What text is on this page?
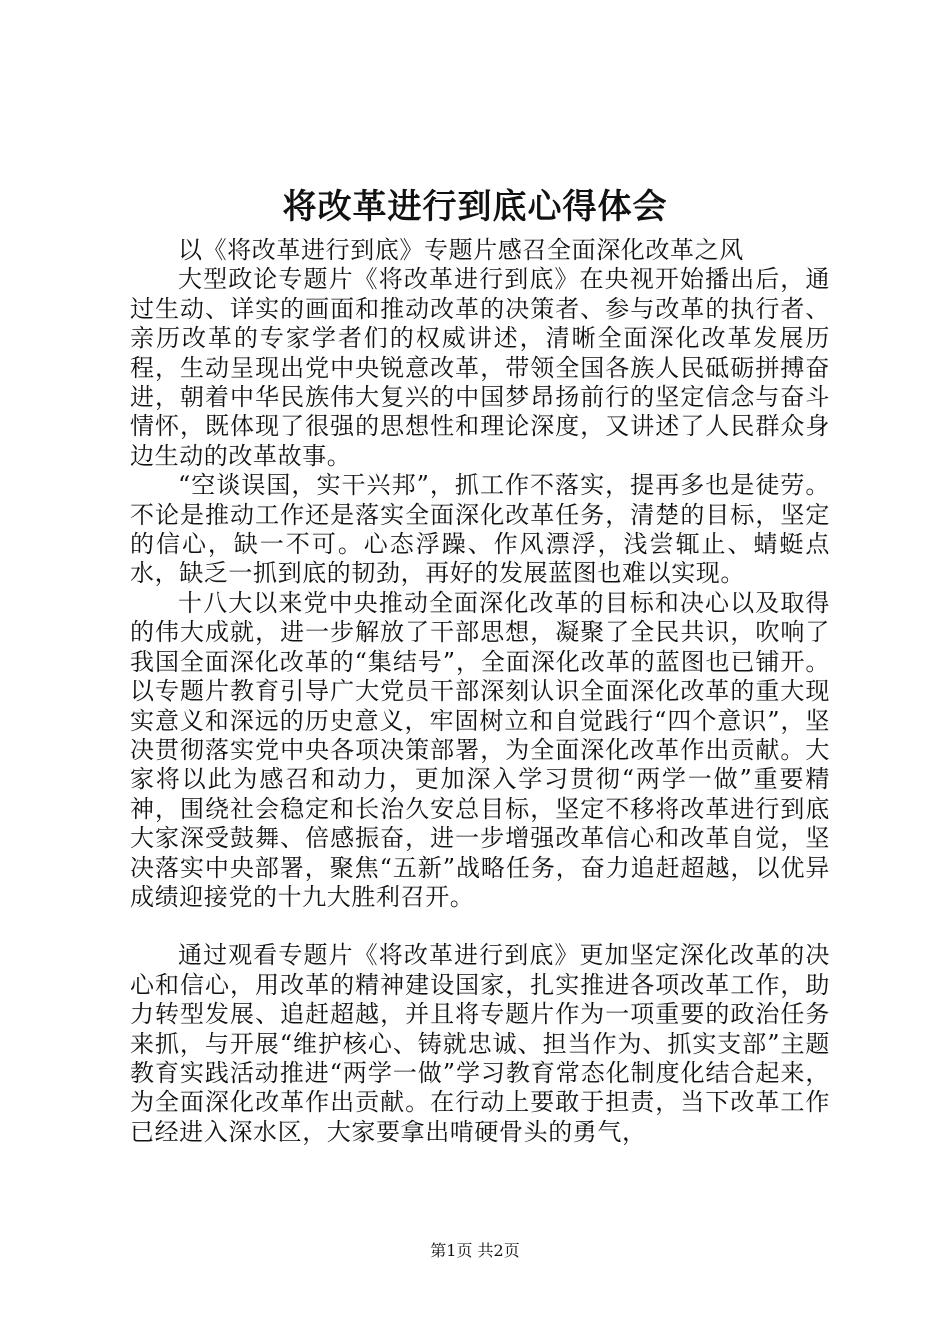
将改革进行到底心得体会

以《将改革进行到底》专题片感召全面深化改革之风

大型政论专题片《将改革进行到底》在央视开始播出后，通过生动、详实的画面和推动改革的决策者、参与改革的执行者、亲历改革的专家学者们的权威讲述，清晰全面深化改革发展历程，生动呈现出党中央锐意改革，带领全国各族人民砥砺拼搏奋进，朝着中华民族伟大复兴的中国梦昂扬前行的坚定信念与奋斗情怀，既体现了很强的思想性和理论深度，又讲述了人民群众身边生动的改革故事。

“空谈误国，实干兴邦”，抓工作不落实，提再多也是徒劳。不论是推动工作还是落实全面深化改革任务，清楚的目标，坚定的信心，缺一不可。心态浮躁、作风漂浮，浅尝辄止、蜻蜓点水，缺乏一抓到底的韧劲，再好的发展蓝图也难以实现。

十八大以来党中央推动全面深化改革的目标和决心以及取得的伟大成就，进一步解放了干部思想，凝聚了全民共识，吹响了我国全面深化改革的“集结号”，全面深化改革的蓝图也已铺开。以专题片教育引导广大党员干部深刻认识全面深化改革的重大现实意义和深远的历史意义，牢固树立和自觉践行“四个意识”，坚决贯彻落实党中央各项决策部署，为全面深化改革作出贡献。大家将以此为感召和动力，更加深入学习贯彻“两学一做”重要精神，围绕社会稳定和长治久安总目标，坚定不移将改革进行到底大家深受鼓舞、倍感振奋，进一步增强改革信心和改革自觉，坚决落实中央部署，聚焦“五新”战略任务，奋力追赶超越，以优异成绩迎接党的十九大胜利召开。

通过观看专题片《将改革进行到底》更加坚定深化改革的决心和信心，用改革的精神建设国家，扎实推进各项改革工作，助力转型发展、追赶超越，并且将专题片作为一项重要的政治任务来抓，与开展“维护核心、铸就忠诚、担当作为、抓实支部”主题教育实践活动推进“两学一做”学习教育常态化制度化结合起来，为全面深化改革作出贡献。在行动上要敢于担责，当下改革工作已经进入深水区，大家要拿出啃硬骨头的勇气，

第1页 共2页
